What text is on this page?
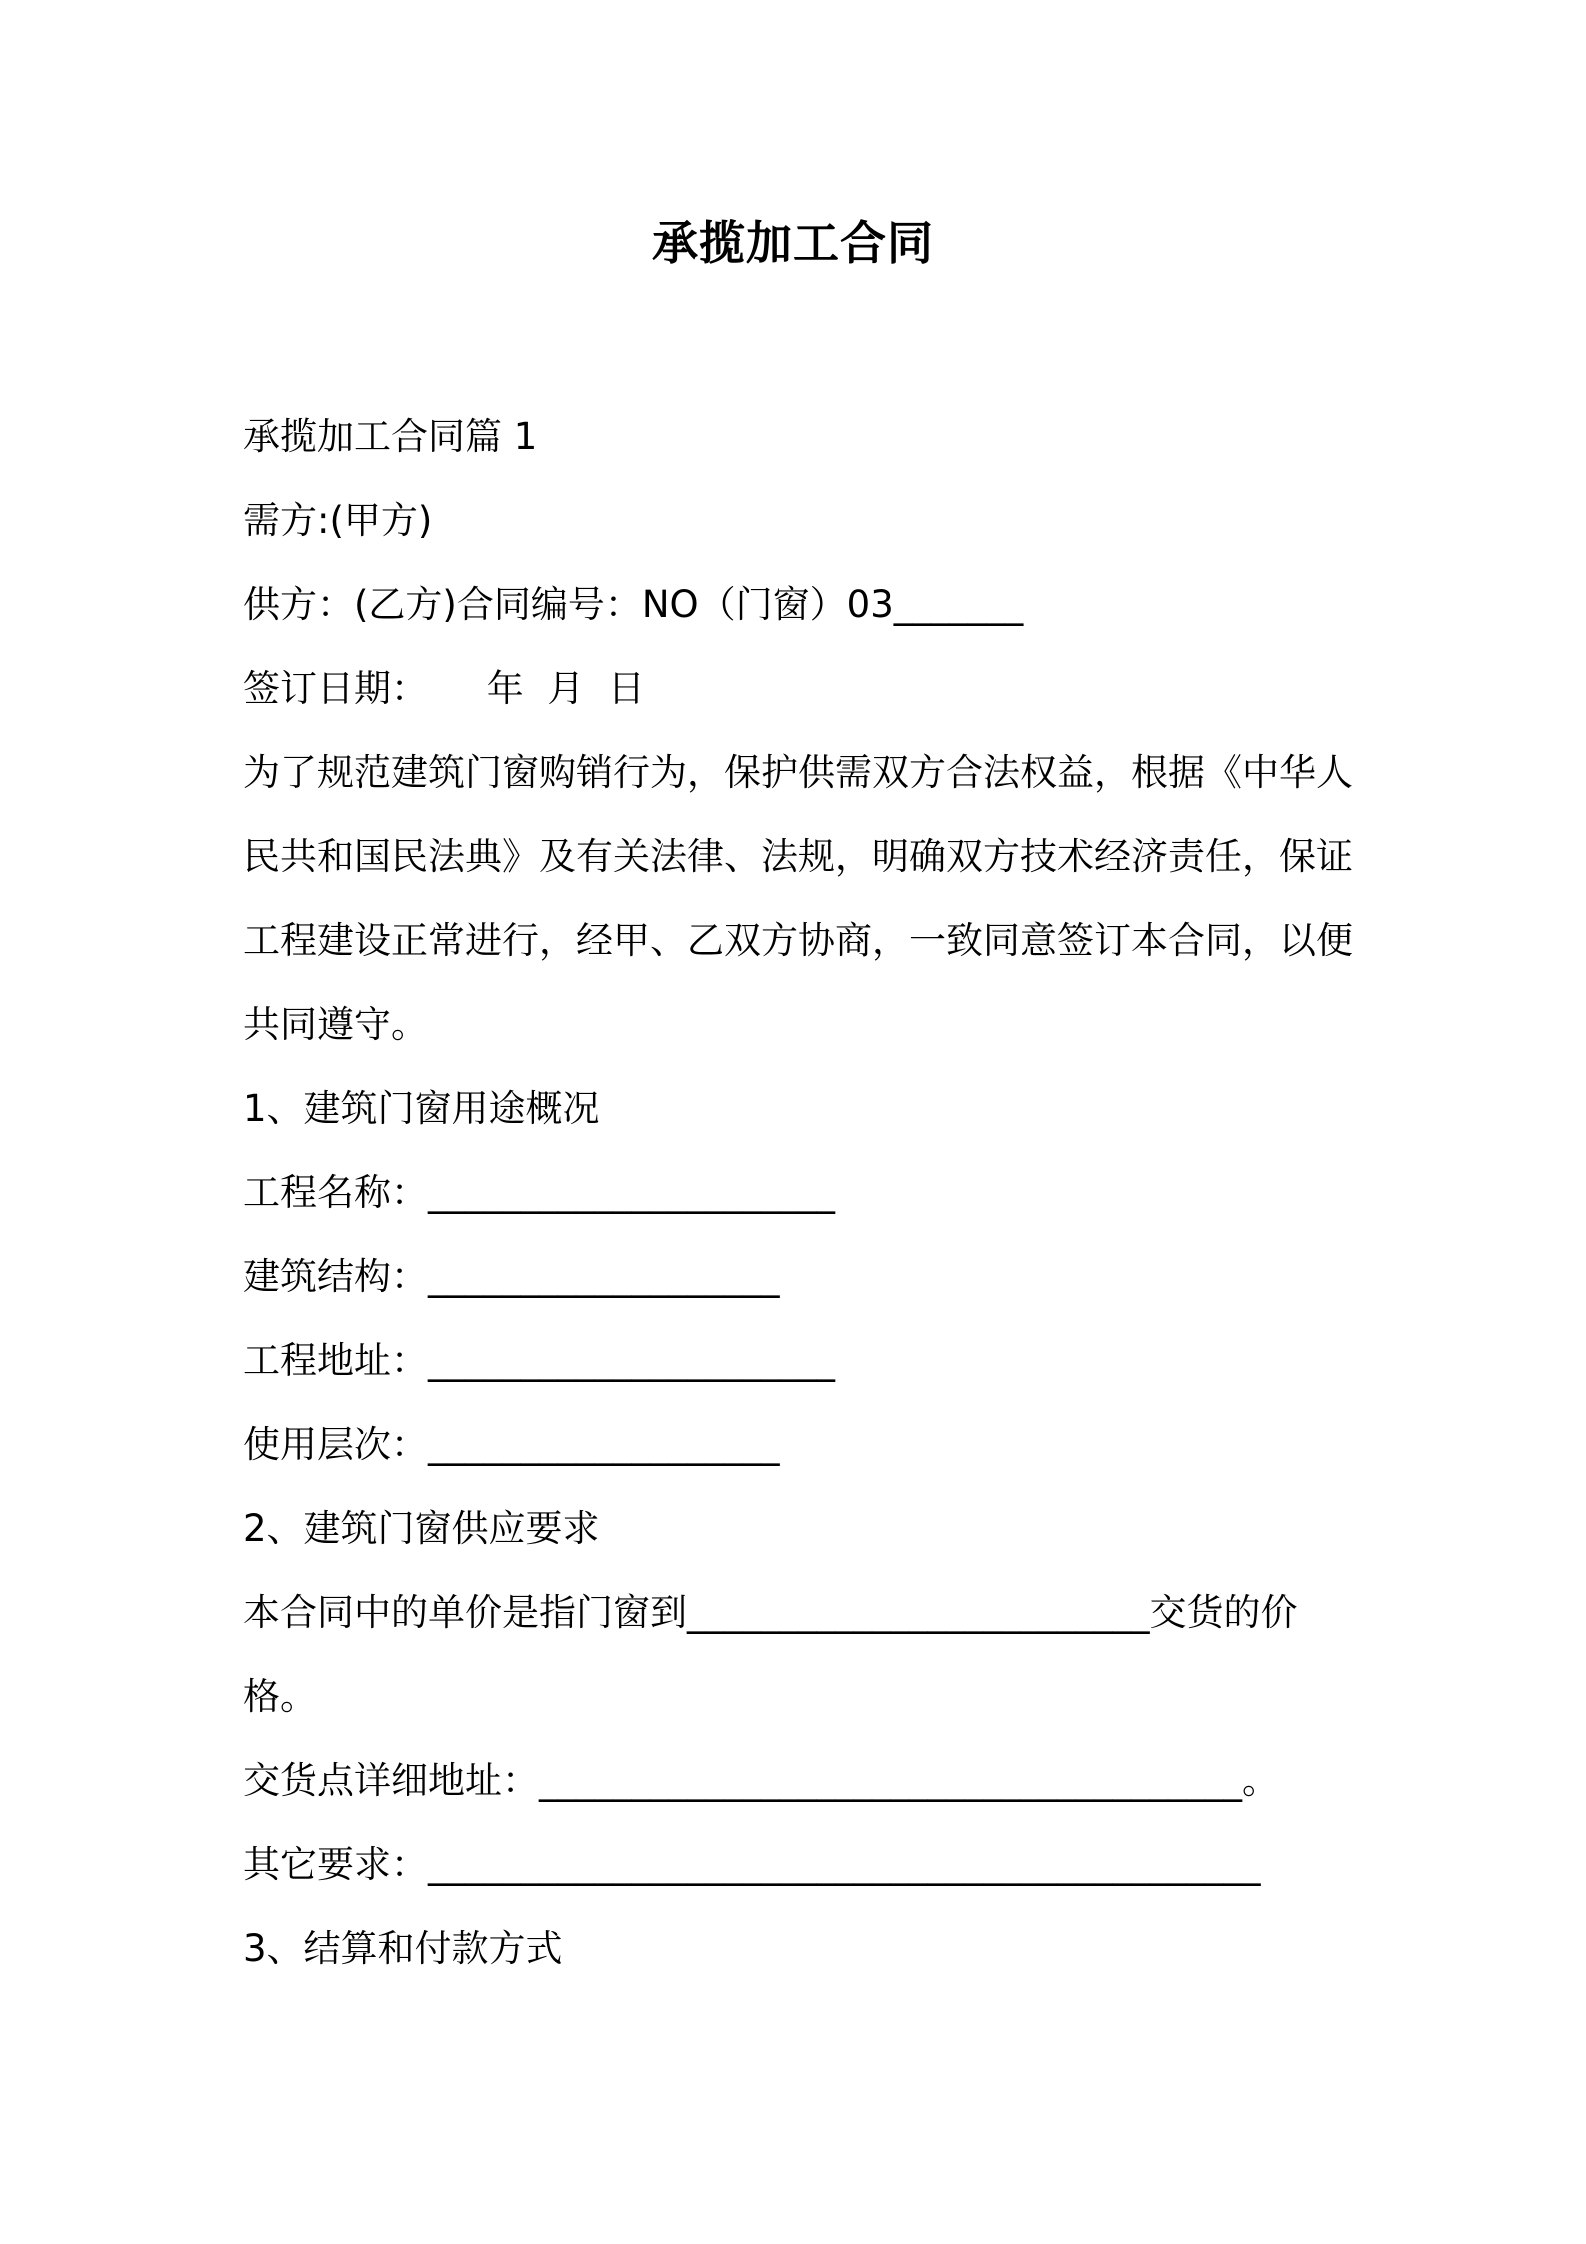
承揽加工合同
承揽加工合同篇 1
需方:(甲方)
供方：(乙方)合同编号：NO（门窗）03_______
签订日期：     年  月  日
为了规范建筑门窗购销行为，保护供需双方合法权益，根据《中华人
民共和国民法典》及有关法律、法规，明确双方技术经济责任，保证
工程建设正常进行，经甲、乙双方协商，一致同意签订本合同，以便
共同遵守。
1、建筑门窗用途概况
工程名称：______________________
建筑结构：___________________
工程地址：______________________
使用层次：___________________
2、建筑门窗供应要求
本合同中的单价是指门窗到_________________________交货的价
格。
交货点详细地址：______________________________________。
其它要求：_____________________________________________
3、结算和付款方式
